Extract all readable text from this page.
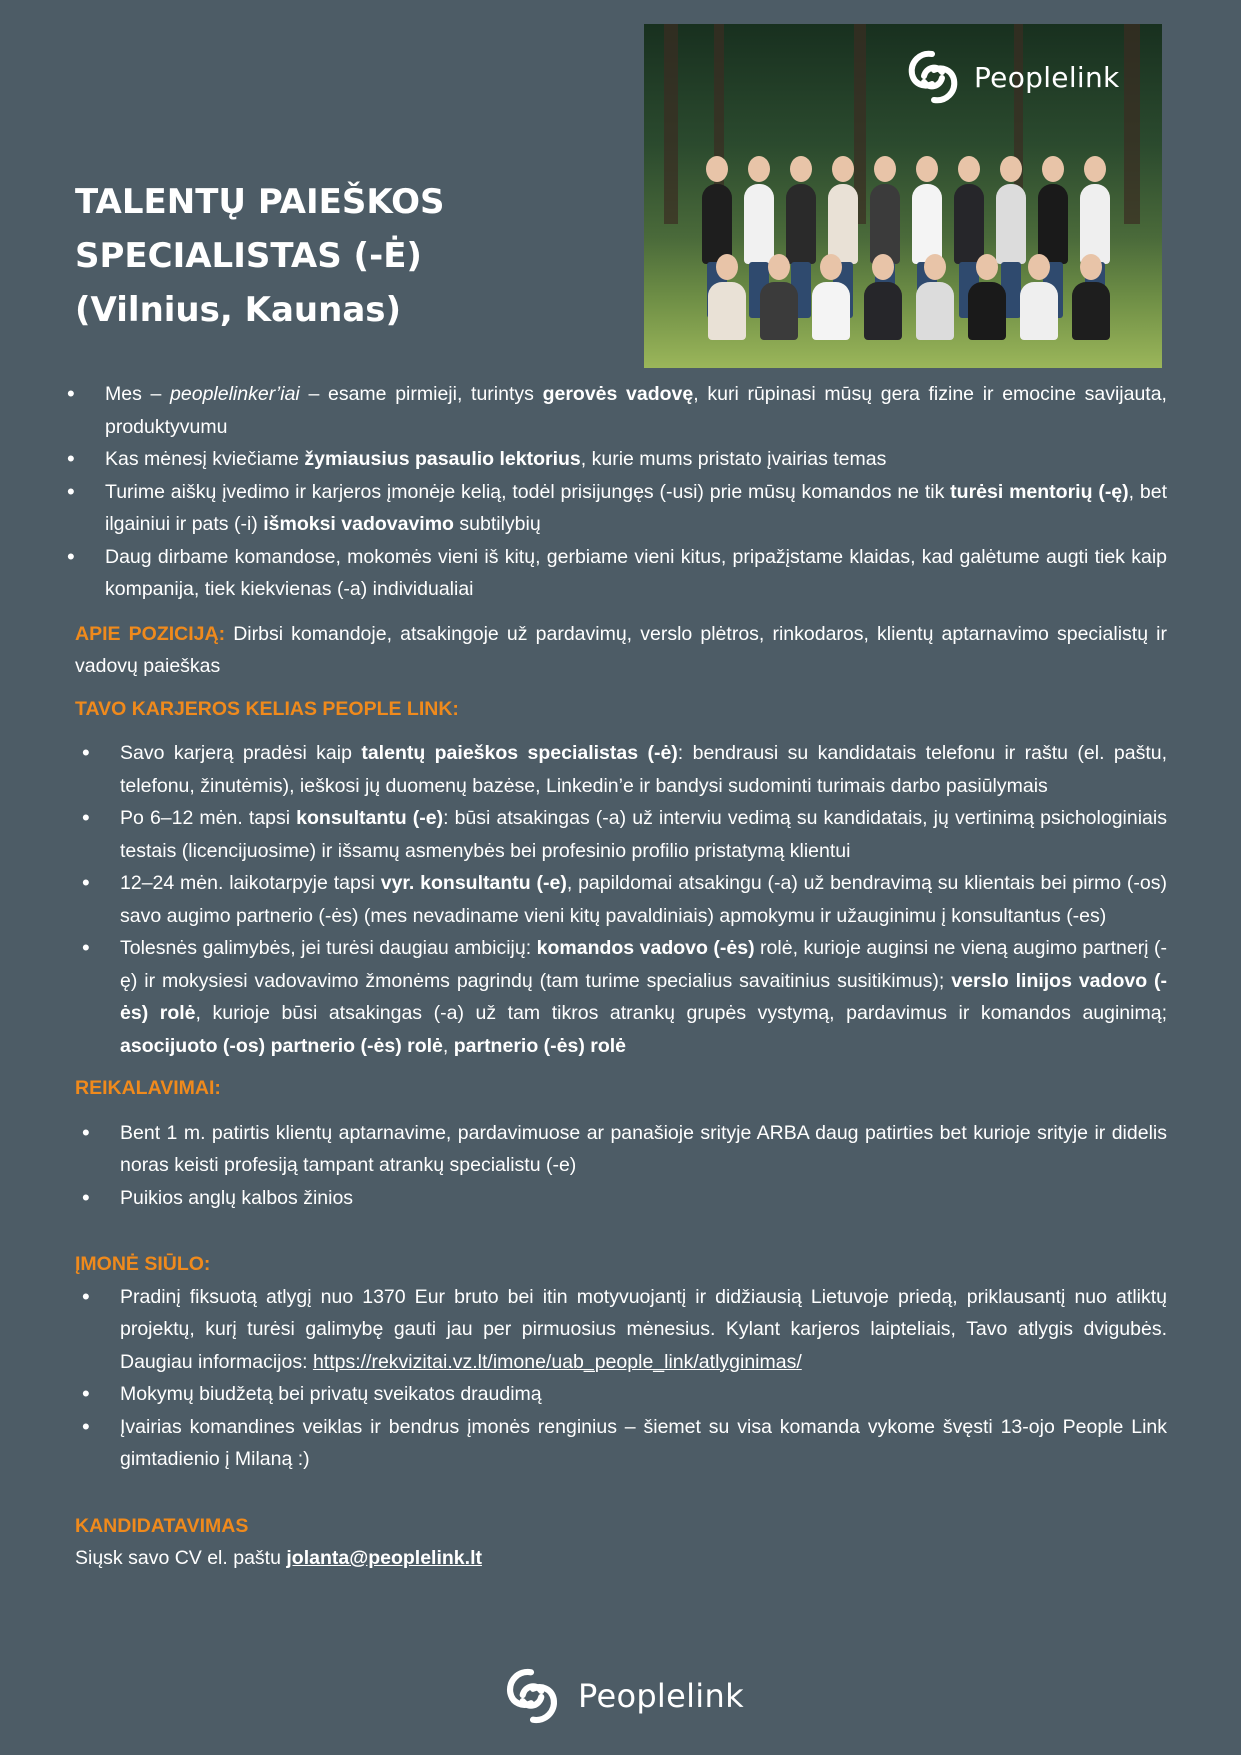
Peoplelink
TALENTŲ PAIEŠKOS
SPECIALISTAS (-Ė)
(Vilnius, Kaunas)
• Mes – peoplelinker’iai – esame pirmieji, turintys gerovės vadovę, kuri rūpinasi mūsų gera fizine ir emocine savijauta, produktyvumu
• Kas mėnesį kviečiame žymiausius pasaulio lektorius, kurie mums pristato įvairias temas
• Turime aiškų įvedimo ir karjeros įmonėje kelią, todėl prisijungęs (-usi) prie mūsų komandos ne tik turėsi mentorių (-ę), bet ilgainiui ir pats (-i) išmoksi vadovavimo subtilybių
• Daug dirbame komandose, mokomės vieni iš kitų, gerbiame vieni kitus, pripažįstame klaidas, kad galėtume augti tiek kaip kompanija, tiek kiekvienas (-a) individualiai

APIE POZICIJĄ: Dirbsi komandoje, atsakingoje už pardavimų, verslo plėtros, rinkodaros, klientų aptarnavimo specialistų ir vadovų paieškas

TAVO KARJEROS KELIAS PEOPLE LINK:
• Savo karjerą pradėsi kaip talentų paieškos specialistas (-ė): bendrausi su kandidatais telefonu ir raštu (el. paštu, telefonu, žinutėmis), ieškosi jų duomenų bazėse, Linkedin’e ir bandysi sudominti turimais darbo pasiūlymais
• Po 6–12 mėn. tapsi konsultantu (-e): būsi atsakingas (-a) už interviu vedimą su kandidatais, jų vertinimą psichologiniais testais (licencijuosime) ir išsamų asmenybės bei profesinio profilio pristatymą klientui
• 12–24 mėn. laikotarpyje tapsi vyr. konsultantu (-e), papildomai atsakingu (-a) už bendravimą su klientais bei pirmo (-os) savo augimo partnerio (-ės) (mes nevadiname vieni kitų pavaldiniais) apmokymu ir užauginimu į konsultantus (-es)
• Tolesnės galimybės, jei turėsi daugiau ambicijų: komandos vadovo (-ės) rolė, kurioje auginsi ne vieną augimo partnerį (-ę) ir mokysiesi vadovavimo žmonėms pagrindų (tam turime specialius savaitinius susitikimus); verslo linijos vadovo (-ės) rolė, kurioje būsi atsakingas (-a) už tam tikros atrankų grupės vystymą, pardavimus ir komandos auginimą; asocijuoto (-os) partnerio (-ės) rolė, partnerio (-ės) rolė
REIKALAVIMAI:
• Bent 1 m. patirtis klientų aptarnavime, pardavimuose ar panašioje srityje ARBA daug patirties bet kurioje srityje ir didelis noras keisti profesiją tampant atrankų specialistu (-e)
• Puikios anglų kalbos žinios
ĮMONĖ SIŪLO:
• Pradinį fiksuotą atlygį nuo 1370 Eur bruto bei itin motyvuojantį ir didžiausią Lietuvoje priedą, priklausantį nuo atliktų projektų, kurį turėsi galimybę gauti jau per pirmuosius mėnesius. Kylant karjeros laipteliais, Tavo atlygis dvigubės. Daugiau informacijos: https://rekvizitai.vz.lt/imone/uab_people_link/atlyginimas/
• Mokymų biudžetą bei privatų sveikatos draudimą
• Įvairias komandines veiklas ir bendrus įmonės renginius – šiemet su visa komanda vykome švęsti 13-ojo People Link gimtadienio į Milaną :)
KANDIDATAVIMAS

Siųsk savo CV el. paštu jolanta@peoplelink.lt

Peoplelink
